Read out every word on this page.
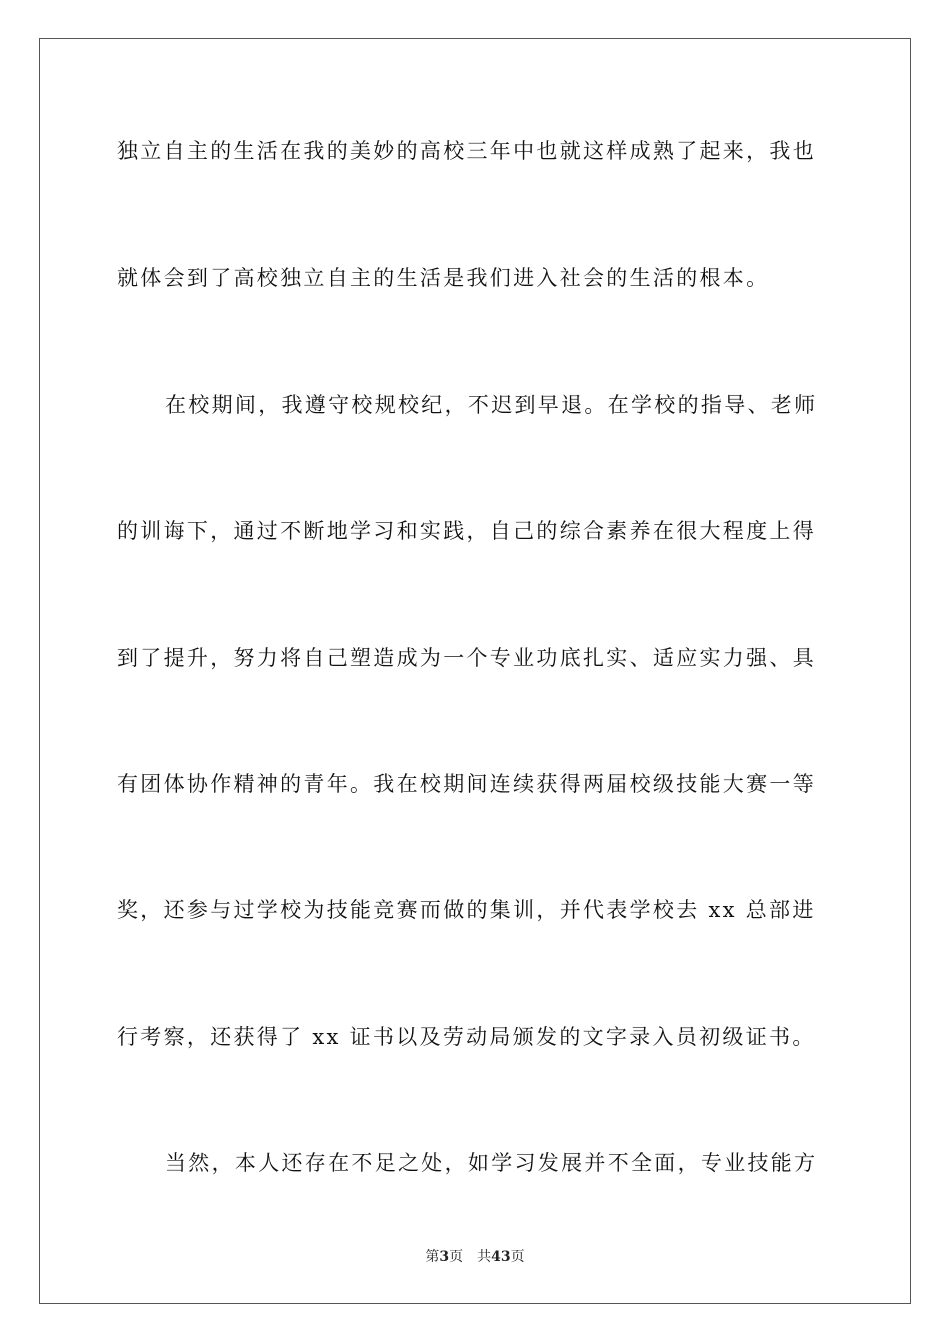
独立自主的生活在我的美妙的高校三年中也就这样成熟了起来，我也
就体会到了高校独立自主的生活是我们进入社会的生活的根本。
在校期间，我遵守校规校纪，不迟到早退。在学校的指导、老师
的训诲下，通过不断地学习和实践，自己的综合素养在很大程度上得
到了提升，努力将自己塑造成为一个专业功底扎实、适应实力强、具
有团体协作精神的青年。我在校期间连续获得两届校级技能大赛一等
奖，还参与过学校为技能竞赛而做的集训，并代表学校去 xx 总部进
行考察，还获得了 xx 证书以及劳动局颁发的文字录入员初级证书。
当然，本人还存在不足之处，如学习发展并不全面，专业技能方
第3页 共43页
